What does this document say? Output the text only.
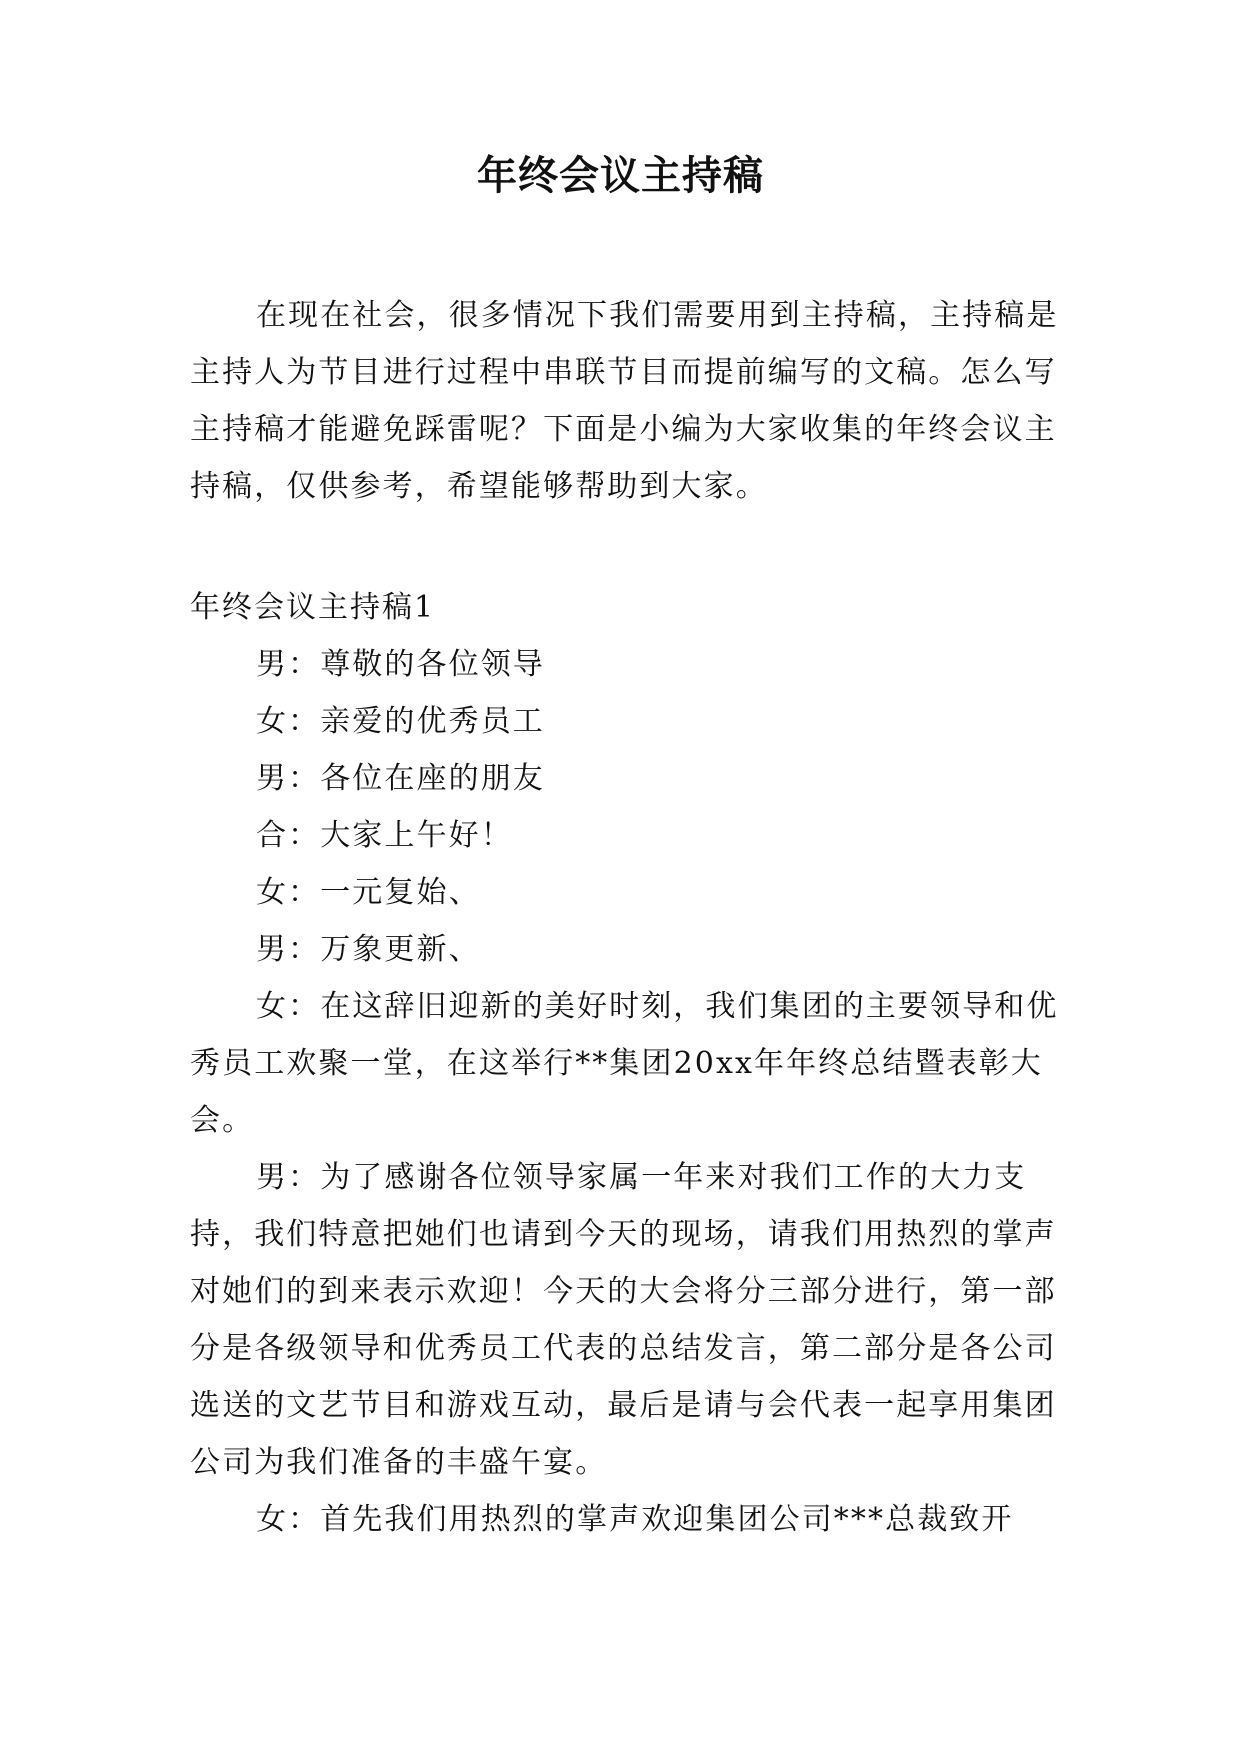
年终会议主持稿

在现在社会，很多情况下我们需要用到主持稿，主持稿是主持人为节目进行过程中串联节目而提前编写的文稿。怎么写主持稿才能避免踩雷呢？下面是小编为大家收集的年终会议主持稿，仅供参考，希望能够帮助到大家。

年终会议主持稿1

男：尊敬的各位领导

女：亲爱的优秀员工

男：各位在座的朋友

合：大家上午好！

女：一元复始、

男：万象更新、

女：在这辞旧迎新的美好时刻，我们集团的主要领导和优秀员工欢聚一堂，在这举行**集团20xx年年终总结暨表彰大会。

男：为了感谢各位领导家属一年来对我们工作的大力支持，我们特意把她们也请到今天的现场，请我们用热烈的掌声对她们的到来表示欢迎！今天的大会将分三部分进行，第一部分是各级领导和优秀员工代表的总结发言，第二部分是各公司选送的文艺节目和游戏互动，最后是请与会代表一起享用集团公司为我们准备的丰盛午宴。

女：首先我们用热烈的掌声欢迎集团公司***总裁致开
